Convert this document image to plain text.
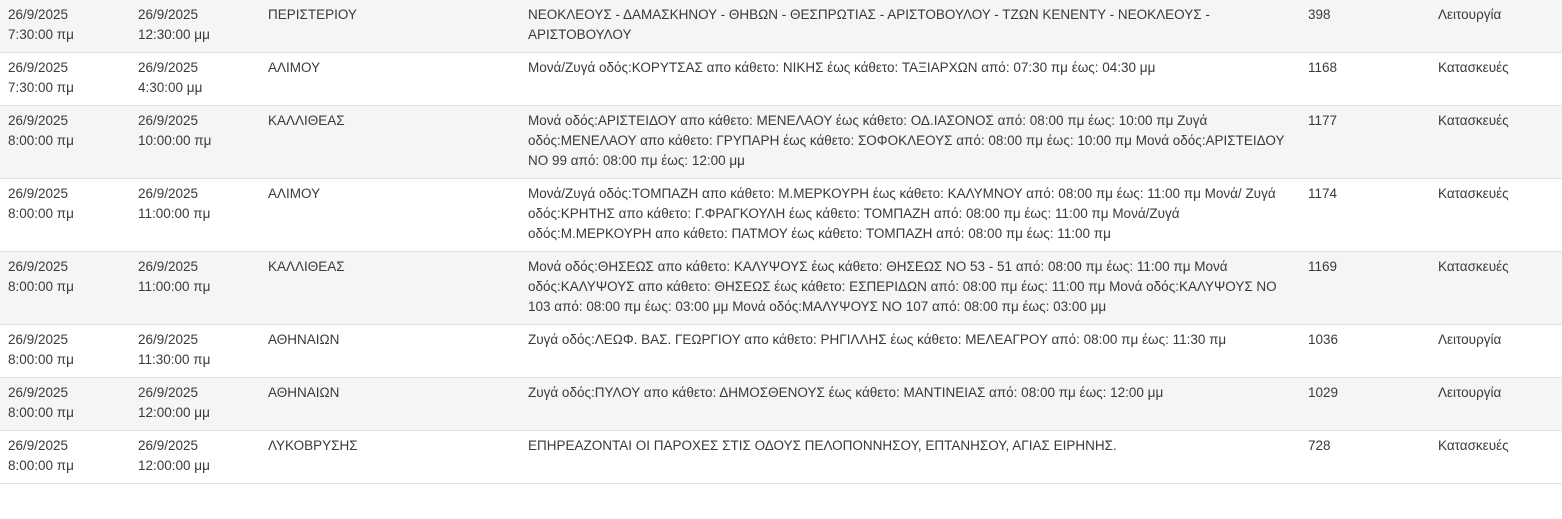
26/9/2025
7:30:00 πμ	26/9/2025
12:30:00 μμ	ΠΕΡΙΣΤΕΡΙΟΥ	ΝΕΟΚΛΕΟΥΣ - ΔΑΜΑΣΚΗΝΟΥ - ΘΗΒΩΝ - ΘΕΣΠΡΩΤΙΑΣ - ΑΡΙΣΤΟΒΟΥΛΟΥ - ΤΖΩΝ ΚΕΝΕΝΤΥ - ΝΕΟΚΛΕΟΥΣ - ΑΡΙΣΤΟΒΟΥΛΟΥ	398	Λειτουργία

26/9/2025
7:30:00 πμ	26/9/2025
4:30:00 μμ	ΑΛΙΜΟΥ	Μονά/Ζυγά οδός:ΚΟΡΥΤΣΑΣ απο κάθετο: ΝΙΚΗΣ έως κάθετο: ΤΑΞΙΑΡΧΩΝ από: 07:30 πμ έως: 04:30 μμ	1168	Κατασκευές

26/9/2025
8:00:00 πμ	26/9/2025
10:00:00 πμ	ΚΑΛΛΙΘΕΑΣ	Μονά οδός:ΑΡΙΣΤΕΙΔΟΥ απο κάθετο: ΜΕΝΕΛΑΟΥ έως κάθετο: ΟΔ.ΙΑΣΟΝΟΣ από: 08:00 πμ έως: 10:00 πμ Ζυγά οδός:ΜΕΝΕΛΑΟΥ απο κάθετο: ΓΡΥΠΑΡΗ έως κάθετο: ΣΟΦΟΚΛΕΟΥΣ από: 08:00 πμ έως: 10:00 πμ Μονά οδός:ΑΡΙΣΤΕΙΔΟΥ ΝΟ 99 από: 08:00 πμ έως: 12:00 μμ	1177	Κατασκευές

26/9/2025
8:00:00 πμ	26/9/2025
11:00:00 πμ	ΑΛΙΜΟΥ	Μονά/Ζυγά οδός:ΤΟΜΠΑΖΗ απο κάθετο: Μ.ΜΕΡΚΟΥΡΗ έως κάθετο: ΚΑΛΥΜΝΟΥ από: 08:00 πμ έως: 11:00 πμ Μονά/ Ζυγά οδός:ΚΡΗΤΗΣ απο κάθετο: Γ.ΦΡΑΓΚΟΥΛΗ έως κάθετο: ΤΟΜΠΑΖΗ από: 08:00 πμ έως: 11:00 πμ Μονά/Ζυγά οδός:Μ.ΜΕΡΚΟΥΡΗ απο κάθετο: ΠΑΤΜΟΥ έως κάθετο: ΤΟΜΠΑΖΗ από: 08:00 πμ έως: 11:00 πμ	1174	Κατασκευές

26/9/2025
8:00:00 πμ	26/9/2025
11:00:00 πμ	ΚΑΛΛΙΘΕΑΣ	Μονά οδός:ΘΗΣΕΩΣ απο κάθετο: ΚΑΛΥΨΟΥΣ έως κάθετο: ΘΗΣΕΩΣ ΝΟ 53 - 51 από: 08:00 πμ έως: 11:00 πμ Μονά οδός:ΚΑΛΥΨΟΥΣ απο κάθετο: ΘΗΣΕΩΣ έως κάθετο: ΕΣΠΕΡΙΔΩΝ από: 08:00 πμ έως: 11:00 πμ Μονά οδός:ΚΑΛΥΨΟΥΣ ΝΟ 103 από: 08:00 πμ έως: 03:00 μμ Μονά οδός:ΜΑΛΥΨΟΥΣ ΝΟ 107 από: 08:00 πμ έως: 03:00 μμ	1169	Κατασκευές

26/9/2025
8:00:00 πμ	26/9/2025
11:30:00 πμ	ΑΘΗΝΑΙΩΝ	Ζυγά οδός:ΛΕΩΦ. ΒΑΣ. ΓΕΩΡΓΙΟΥ απο κάθετο: ΡΗΓΙΛΛΗΣ έως κάθετο: ΜΕΛΕΑΓΡΟΥ από: 08:00 πμ έως: 11:30 πμ	1036	Λειτουργία

26/9/2025
8:00:00 πμ	26/9/2025
12:00:00 μμ	ΑΘΗΝΑΙΩΝ	Ζυγά οδός:ΠΥΛΟΥ απο κάθετο: ΔΗΜΟΣΘΕΝΟΥΣ έως κάθετο: ΜΑΝΤΙΝΕΙΑΣ από: 08:00 πμ έως: 12:00 μμ	1029	Λειτουργία

26/9/2025
8:00:00 πμ	26/9/2025
12:00:00 μμ	ΛΥΚΟΒΡΥΣΗΣ	ΕΠΗΡΕΑΖΟΝΤΑΙ ΟΙ ΠΑΡΟΧΕΣ ΣΤΙΣ ΟΔΟΥΣ ΠΕΛΟΠΟΝΝΗΣΟΥ, ΕΠΤΑΝΗΣΟΥ, ΑΓΙΑΣ ΕΙΡΗΝΗΣ.	728	Κατασκευές
